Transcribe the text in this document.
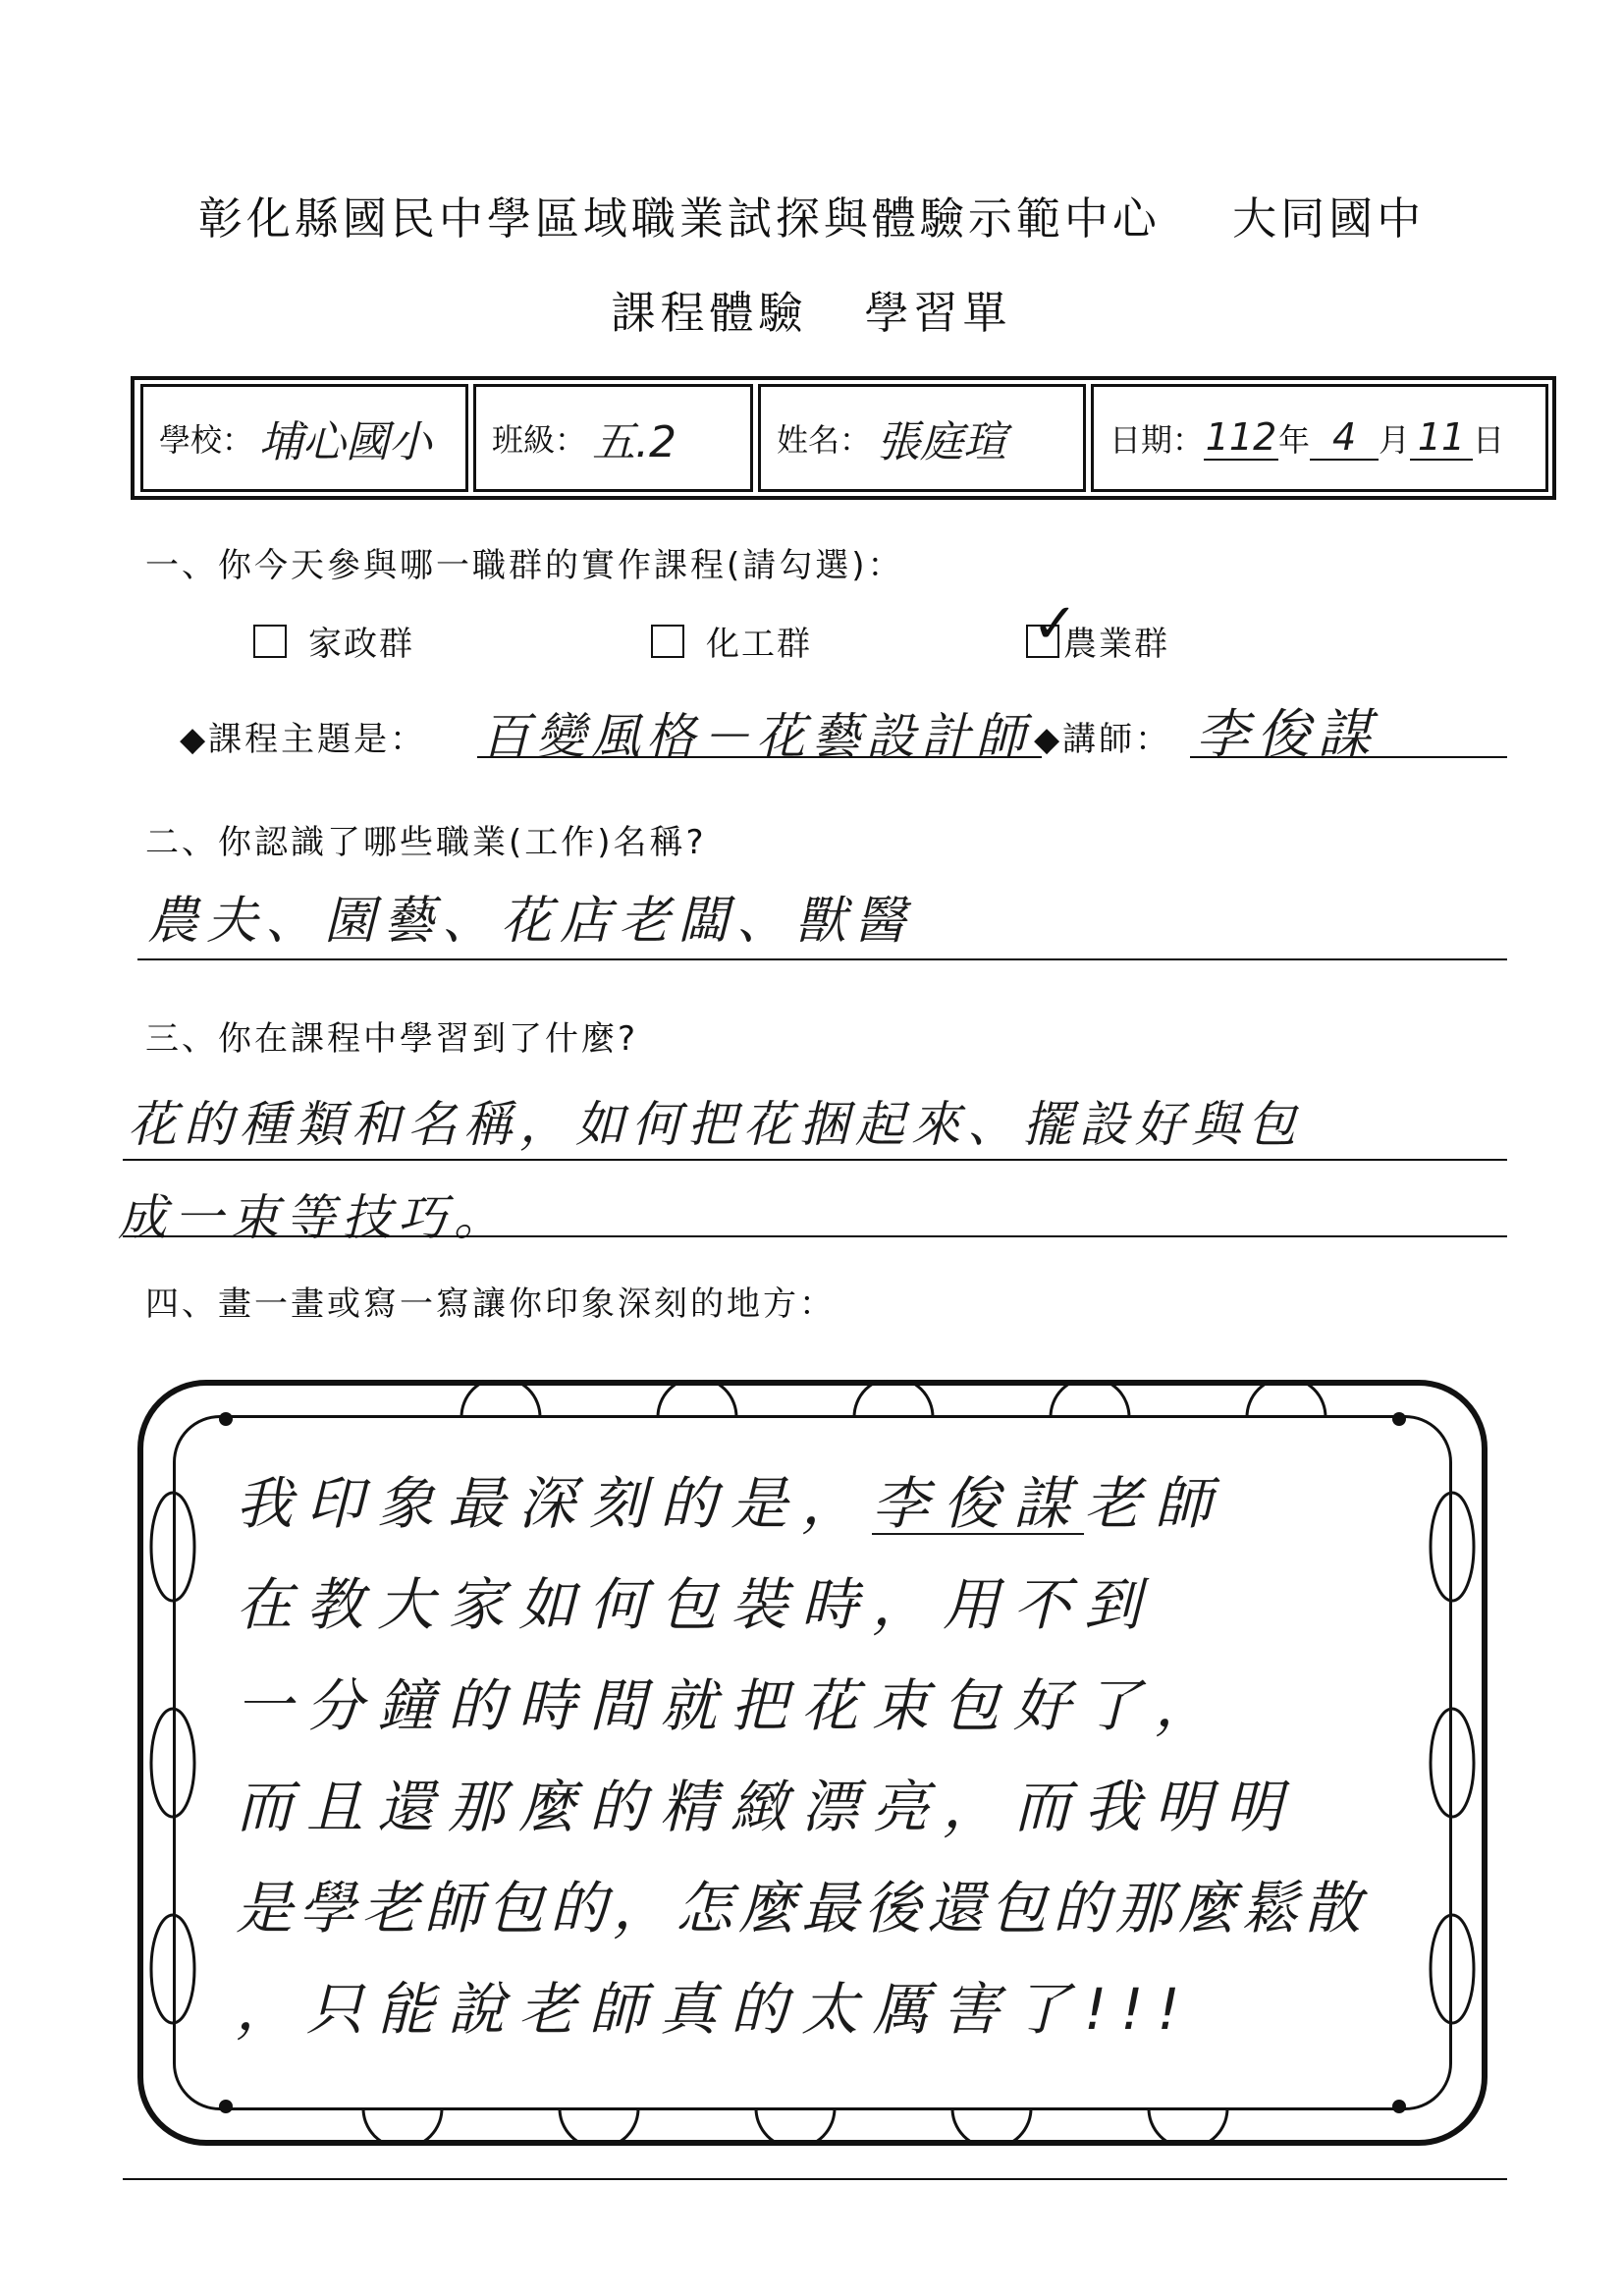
彰化縣國民中學區域職業試探與體驗示範中心    大同國中
課程體驗   學習單
學校： 埔心國小 班級： 五.2	姓名： 張庭瑄	日期： 112 年 4 月 11 日
一、你今天參與哪一職群的實作課程(請勾選)：
家政群	化工群	✓
農業群
◆課程主題是： 百變風格－花藝設計師 ◆講師： 李俊謀
二、你認識了哪些職業(工作)名稱?
農夫、園藝、花店老闆、獸醫
三、你在課程中學習到了什麼?
花的種類和名稱，如何把花捆起來、擺設好與包
成一束等技巧。
四、畫一畫或寫一寫讓你印象深刻的地方：
我印象最深刻的是，李俊謀老師
在教大家如何包裝時，用不到
一分鐘的時間就把花束包好了，
而且還那麼的精緻漂亮，而我明明
是學老師包的，怎麼最後還包的那麼鬆散
，只能說老師真的太厲害了!!!
